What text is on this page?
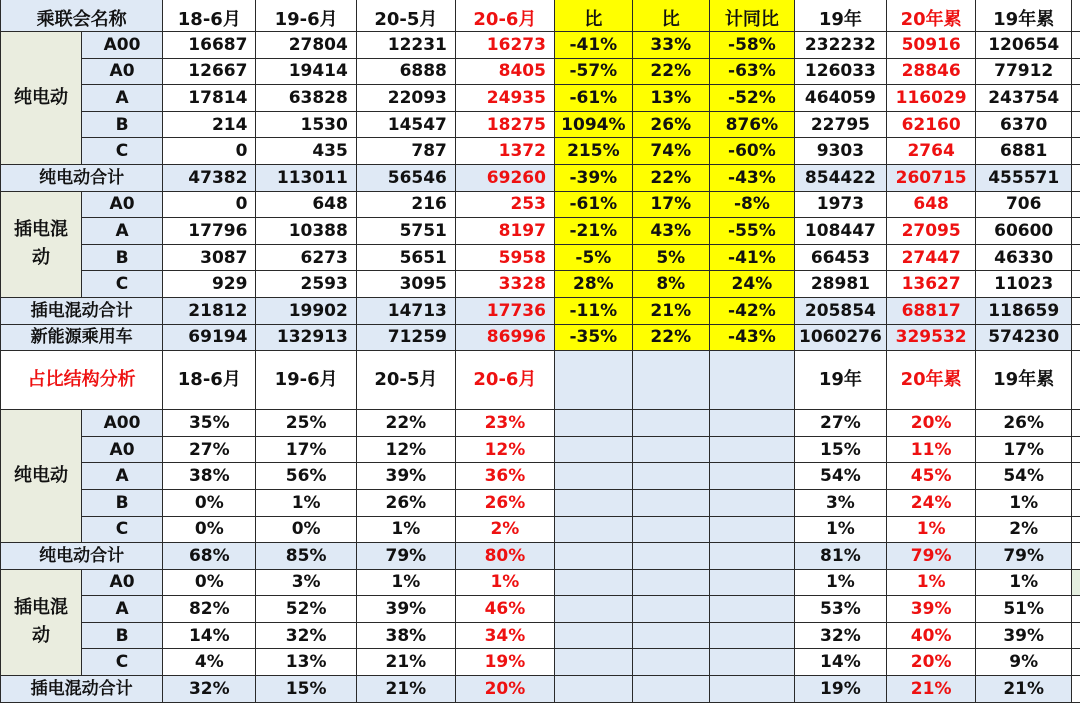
乘联会名称		18-6月	19-6月	20-5月	20-6月	比	比	计同比	19年	20年累	19年累	
纯电动	A00	16687	27804	12231	16273	-41%	33%	-58%	232232	50916	120654	
	A0	12667	19414	6888	8405	-57%	22%	-63%	126033	28846	77912	
	A	17814	63828	22093	24935	-61%	13%	-52%	464059	116029	243754	
	B	214	1530	14547	18275	1094%	26%	876%	22795	62160	6370	
	C	0	435	787	1372	215%	74%	-60%	9303	2764	6881	
纯电动合计		47382	113011	56546	69260	-39%	22%	-43%	854422	260715	455571	
插电混动	A0	0	648	216	253	-61%	17%	-8%	1973	648	706	
	A	17796	10388	5751	8197	-21%	43%	-55%	108447	27095	60600	
	B	3087	6273	5651	5958	-5%	5%	-41%	66453	27447	46330	
	C	929	2593	3095	3328	28%	8%	24%	28981	13627	11023	
插电混动合计		21812	19902	14713	17736	-11%	21%	-42%	205854	68817	118659	
新能源乘用车		69194	132913	71259	86996	-35%	22%	-43%	1060276	329532	574230	
占比结构分析		18-6月	19-6月	20-5月	20-6月				19年	20年累	19年累	
纯电动	A00	35%	25%	22%	23%				27%	20%	26%	
	A0	27%	17%	12%	12%				15%	11%	17%	
	A	38%	56%	39%	36%				54%	45%	54%	
	B	0%	1%	26%	26%				3%	24%	1%	
	C	0%	0%	1%	2%				1%	1%	2%	
纯电动合计		68%	85%	79%	80%				81%	79%	79%	
插电混动	A0	0%	3%	1%	1%				1%	1%	1%	
	A	82%	52%	39%	46%				53%	39%	51%	
	B	14%	32%	38%	34%				32%	40%	39%	
	C	4%	13%	21%	19%				14%	20%	9%	
插电混动合计		32%	15%	21%	20%				19%	21%	21%	
